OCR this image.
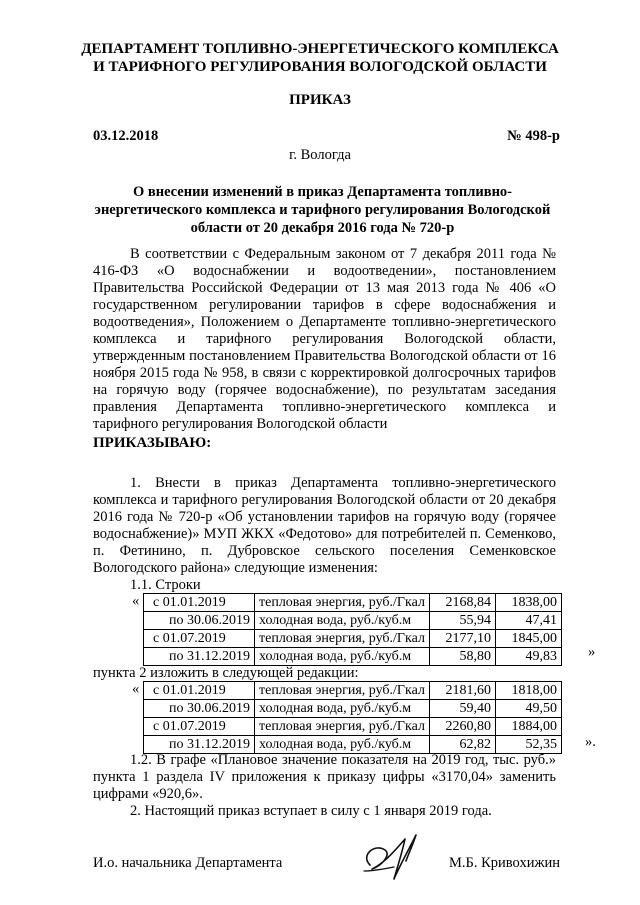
ДЕПАРТАМЕНТ ТОПЛИВНО-ЭНЕРГЕТИЧЕСКОГО КОМПЛЕКСА
И ТАРИФНОГО РЕГУЛИРОВАНИЯ ВОЛОГОДСКОЙ ОБЛАСТИ
ПРИКАЗ
03.12.2018	№ 498-р
г. Вологда
О внесении изменений в приказ Департамента топливно-энергетического комплекса и тарифного регулирования Вологодской области от 20 декабря 2016 года № 720-р
В соответствии с Федеральным законом от 7 декабря 2011 года № 416-ФЗ «О водоснабжении и водоотведении», постановлением Правительства Российской Федерации от 13 мая 2013 года № 406 «О государственном регулировании тарифов в сфере водоснабжения и водоотведения», Положением о Департаменте топливно-энергетического комплекса и тарифного регулирования Вологодской области, утвержденным постановлением Правительства Вологодской области от 16 ноября 2015 года № 958, в связи с корректировкой долгосрочных тарифов на горячую воду (горячее водоснабжение), по результатам заседания правления Департамента топливно-энергетического комплекса и тарифного регулирования Вологодской области
ПРИКАЗЫВАЮ:
1. Внести в приказ Департамента топливно-энергетического комплекса и тарифного регулирования Вологодской области от 20 декабря 2016 года № 720-р «Об установлении тарифов на горячую воду (горячее водоснабжение)» МУП ЖКХ «Федотово» для потребителей п. Семенково, п. Фетинино, п. Дубровское сельского поселения Семенковское Вологодского района» следующие изменения:
1.1. Строки
« с 01.01.2019	тепловая энергия, руб./Гкал	2168,84	1838,00
по 30.06.2019	холодная вода, руб./куб.м	55,94	47,41
с 01.07.2019	тепловая энергия, руб./Гкал	2177,10	1845,00
по 31.12.2019	холодная вода, руб./куб.м	58,80	49,83 »
пункта 2 изложить в следующей редакции:
« с 01.01.2019	тепловая энергия, руб./Гкал	2181,60	1818,00
по 30.06.2019	холодная вода, руб./куб.м	59,40	49,50
с 01.07.2019	тепловая энергия, руб./Гкал	2260,80	1884,00
по 31.12.2019	холодная вода, руб./куб.м	62,82	52,35 ».
1.2. В графе «Плановое значение показателя на 2019 год, тыс. руб.» пункта 1 раздела IV приложения к приказу цифры «3170,04» заменить цифрами «920,6».
2. Настоящий приказ вступает в силу с 1 января 2019 года.
И.о. начальника Департамента	М.Б. Кривохижин
